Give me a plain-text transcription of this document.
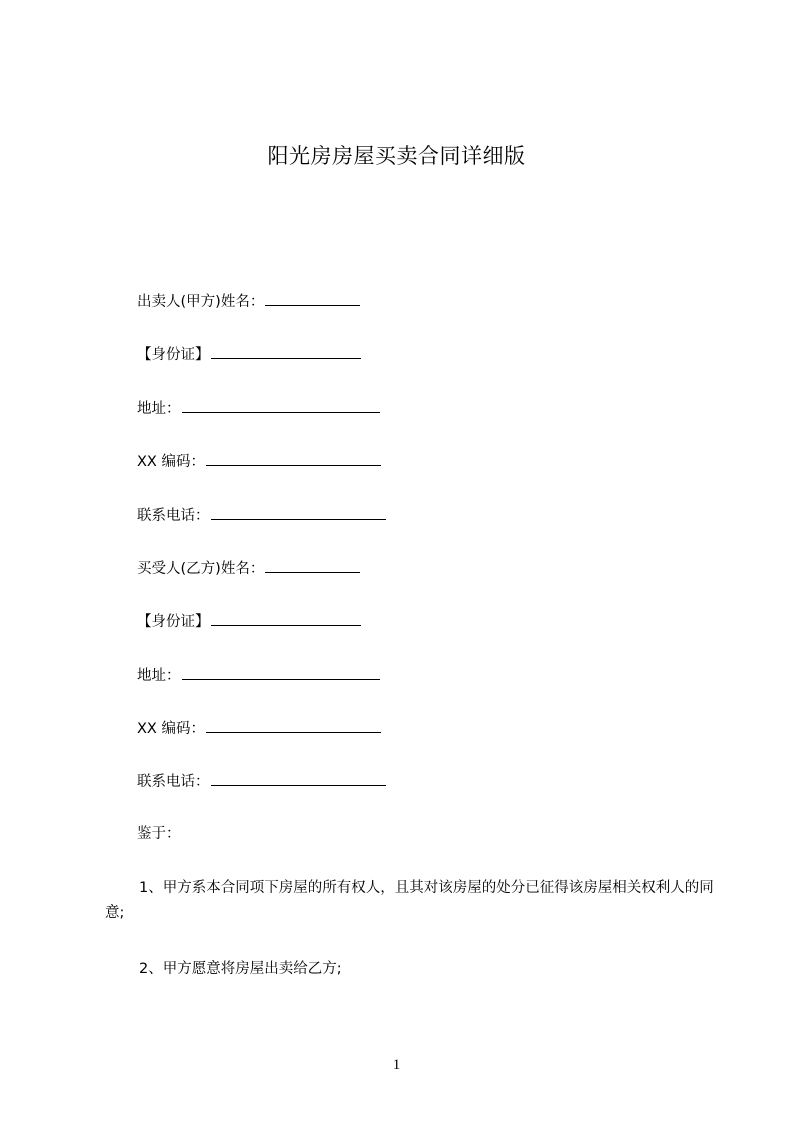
阳光房房屋买卖合同详细版
出卖人(甲方)姓名：
【身份证】
地址：
XX 编码：
联系电话：
买受人(乙方)姓名：
【身份证】
地址：
XX 编码：
联系电话：
鉴于：
1、甲方系本合同项下房屋的所有权人，且其对该房屋的处分已征得该房屋相关权利人的同意;
2、甲方愿意将房屋出卖给乙方;
1
